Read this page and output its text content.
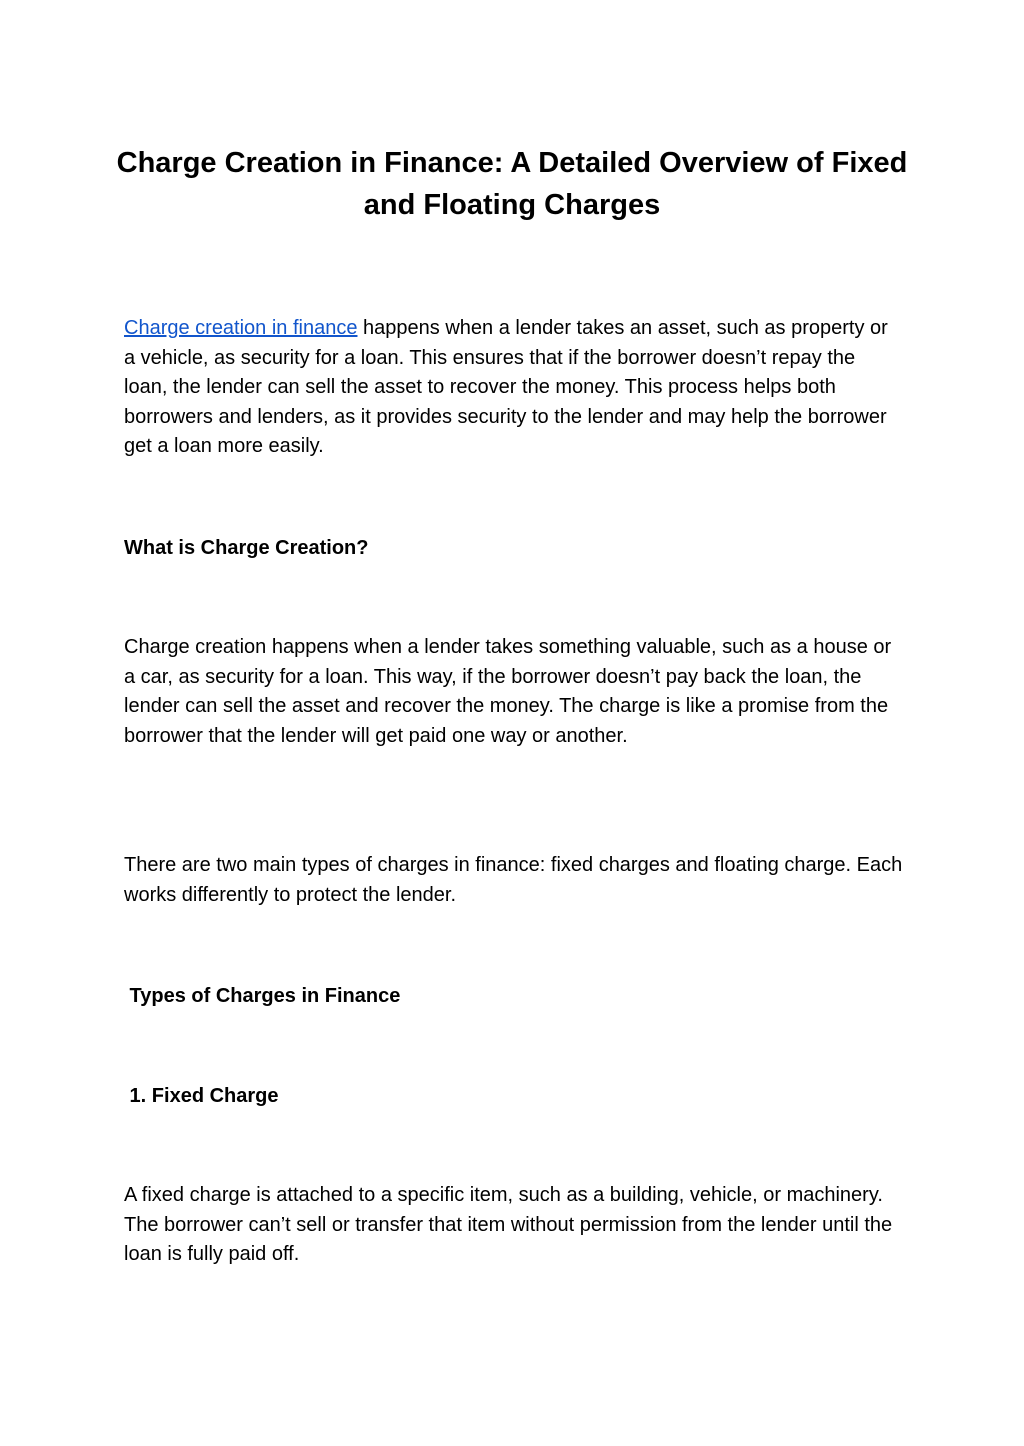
Charge Creation in Finance: A Detailed Overview of Fixed and Floating Charges

Charge creation in finance happens when a lender takes an asset, such as property or a vehicle, as security for a loan. This ensures that if the borrower doesn’t repay the loan, the lender can sell the asset to recover the money. This process helps both borrowers and lenders, as it provides security to the lender and may help the borrower get a loan more easily.

What is Charge Creation?

Charge creation happens when a lender takes something valuable, such as a house or a car, as security for a loan. This way, if the borrower doesn’t pay back the loan, the lender can sell the asset and recover the money. The charge is like a promise from the borrower that the lender will get paid one way or another.

There are two main types of charges in finance: fixed charges and floating charge. Each works differently to protect the lender.

Types of Charges in Finance
1. Fixed Charge

A fixed charge is attached to a specific item, such as a building, vehicle, or machinery. The borrower can’t sell or transfer that item without permission from the lender until the loan is fully paid off.
